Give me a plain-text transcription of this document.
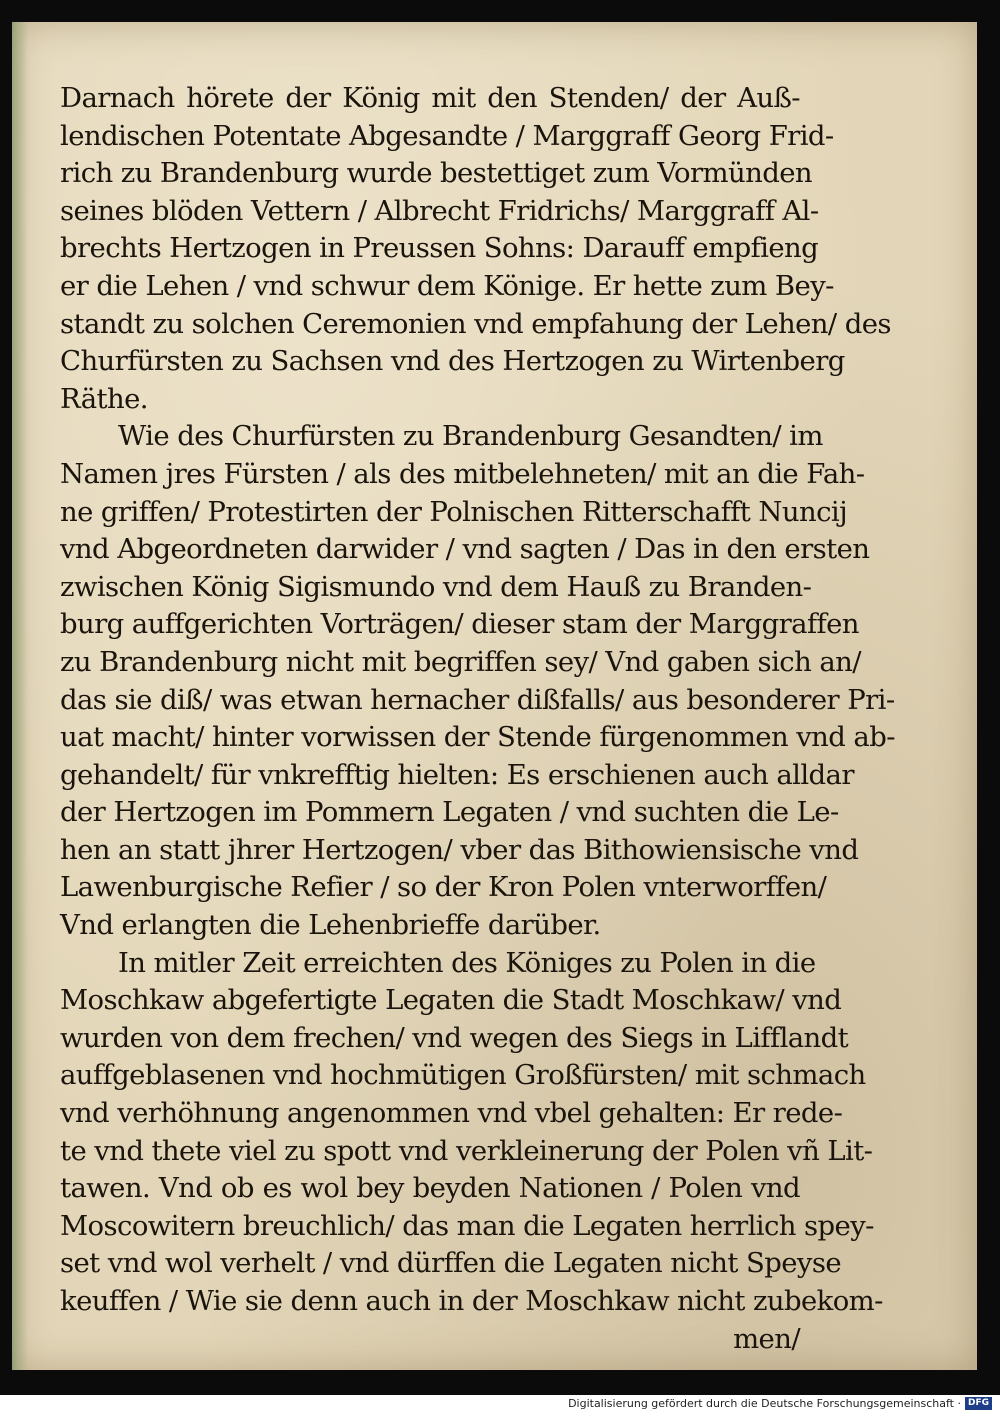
Darnach hörete der König mit den Stenden/ der Auß-
lendischen Potentate Abgesandte / Marggraff Georg Frid-
rich zu Brandenburg wurde bestettiget zum Vormünden
seines blöden Vettern / Albrecht Fridrichs/ Marggraff Al-
brechts Hertzogen in Preussen Sohns: Darauff empfieng
er die Lehen / vnd schwur dem Könige. Er hette zum Bey-
standt zu solchen Ceremonien vnd empfahung der Lehen/ des
Churfürsten zu Sachsen vnd des Hertzogen zu Wirtenberg
Räthe.
Wie des Churfürsten zu Brandenburg Gesandten/ im
Namen jres Fürsten / als des mitbelehneten/ mit an die Fah-
ne griffen/ Protestirten der Polnischen Ritterschafft Nuncij
vnd Abgeordneten darwider / vnd sagten / Das in den ersten
zwischen König Sigismundo vnd dem Hauß zu Branden-
burg auffgerichten Vorträgen/ dieser stam der Marggraffen
zu Brandenburg nicht mit begriffen sey/ Vnd gaben sich an/
das sie diß/ was etwan hernacher dißfalls/ aus besonderer Pri-
uat macht/ hinter vorwissen der Stende fürgenommen vnd ab-
gehandelt/ für vnkrefftig hielten: Es erschienen auch alldar
der Hertzogen im Pommern Legaten / vnd suchten die Le-
hen an statt jhrer Hertzogen/ vber das Bithowiensische vnd
Lawenburgische Refier / so der Kron Polen vnterworffen/
Vnd erlangten die Lehenbrieffe darüber.
In mitler Zeit erreichten des Königes zu Polen in die
Moschkaw abgefertigte Legaten die Stadt Moschkaw/ vnd
wurden von dem frechen/ vnd wegen des Siegs in Lifflandt
auffgeblasenen vnd hochmütigen Großfürsten/ mit schmach
vnd verhöhnung angenommen vnd vbel gehalten: Er rede-
te vnd thete viel zu spott vnd verkleinerung der Polen vñ Lit-
tawen. Vnd ob es wol bey beyden Nationen / Polen vnd
Moscowitern breuchlich/ das man die Legaten herrlich spey-
set vnd wol verhelt / vnd dürffen die Legaten nicht Speyse
keuffen / Wie sie denn auch in der Moschkaw nicht zubekom-
men/
Digitalisierung gefördert durch die Deutsche Forschungsgemeinschaft · DFG
